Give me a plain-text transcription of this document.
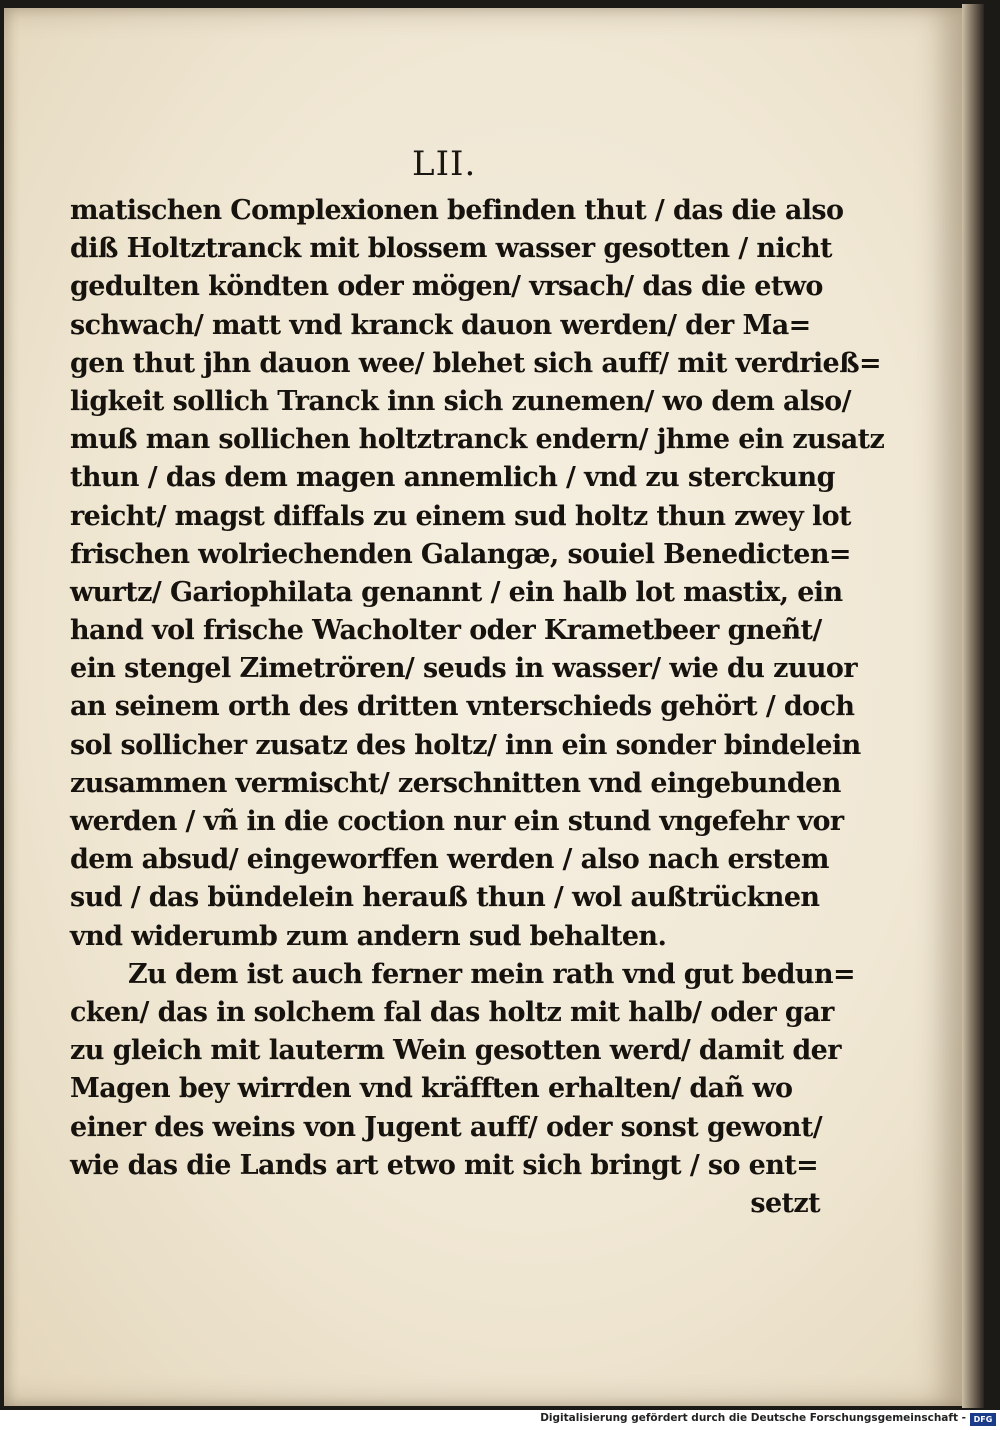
LII.
matischen Complexionen befinden thut / das die also
diß Holtztranck mit blossem wasser gesotten / nicht
gedulten köndten oder mögen/ vrsach/ das die etwo
schwach/ matt vnd kranck dauon werden/ der Ma=
gen thut jhn dauon wee/ blehet sich auff/ mit verdrieß=
ligkeit sollich Tranck inn sich zunemen/ wo dem also/
muß man sollichen holtztranck endern/ jhme ein zusatz
thun / das dem magen annemlich / vnd zu sterckung
reicht/ magst diffals zu einem sud holtz thun zwey lot
frischen wolriechenden Galangæ, souiel Benedicten=
wurtz/ Gariophilata genannt / ein halb lot mastix, ein
hand vol frische Wacholter oder Krametbeer gneñt/
ein stengel Zimetrören/ seuds in wasser/ wie du zuuor
an seinem orth des dritten vnterschieds gehört / doch
sol sollicher zusatz des holtz/ inn ein sonder bindelein
zusammen vermischt/ zerschnitten vnd eingebunden
werden / vñ in die coction nur ein stund vngefehr vor
dem absud/ eingeworffen werden / also nach erstem
sud / das bündelein herauß thun / wol außtrücknen
vnd widerumb zum andern sud behalten.
Zu dem ist auch ferner mein rath vnd gut bedun=
cken/ das in solchem fal das holtz mit halb/ oder gar
zu gleich mit lauterm Wein gesotten werd/ damit der
Magen bey wirrden vnd kräfften erhalten/ dañ wo
einer des weins von Jugent auff/ oder sonst gewont/
wie das die Lands art etwo mit sich bringt / so ent=
setzt
Digitalisierung gefördert durch die Deutsche Forschungsgemeinschaft - DFG
